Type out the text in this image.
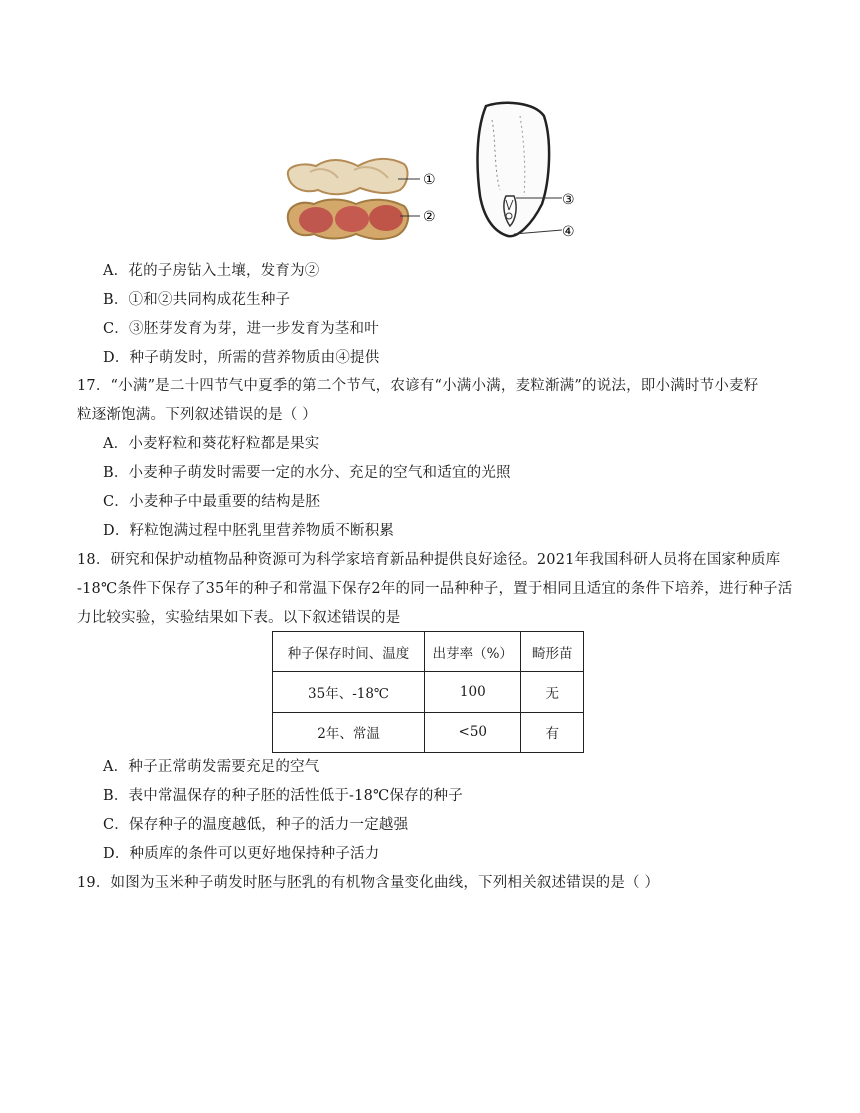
①
②
③
④
A．花的子房钻入土壤，发育为②
B．①和②共同构成花生种子
C．③胚芽发育为芽，进一步发育为茎和叶
D．种子萌发时，所需的营养物质由④提供
17．“小满”是二十四节气中夏季的第二个节气，农谚有“小满小满，麦粒渐满”的说法，即小满时节小麦籽
粒逐渐饱满。下列叙述错误的是（ ）
A．小麦籽粒和葵花籽粒都是果实
B．小麦种子萌发时需要一定的水分、充足的空气和适宜的光照
C．小麦种子中最重要的结构是胚
D．籽粒饱满过程中胚乳里营养物质不断积累
18．研究和保护动植物品种资源可为科学家培育新品种提供良好途径。2021年我国科研人员将在国家种质库
-18℃条件下保存了35年的种子和常温下保存2年的同一品种种子，置于相同且适宜的条件下培养，进行种子活
力比较实验，实验结果如下表。以下叙述错误的是
种子保存时间、温度	出芽率（%）	畸形苗
35年、-18℃	100	无
2年、常温	<50	有
A．种子正常萌发需要充足的空气
B．表中常温保存的种子胚的活性低于-18℃保存的种子
C．保存种子的温度越低，种子的活力一定越强
D．种质库的条件可以更好地保持种子活力
19．如图为玉米种子萌发时胚与胚乳的有机物含量变化曲线，下列相关叙述错误的是（ ）
